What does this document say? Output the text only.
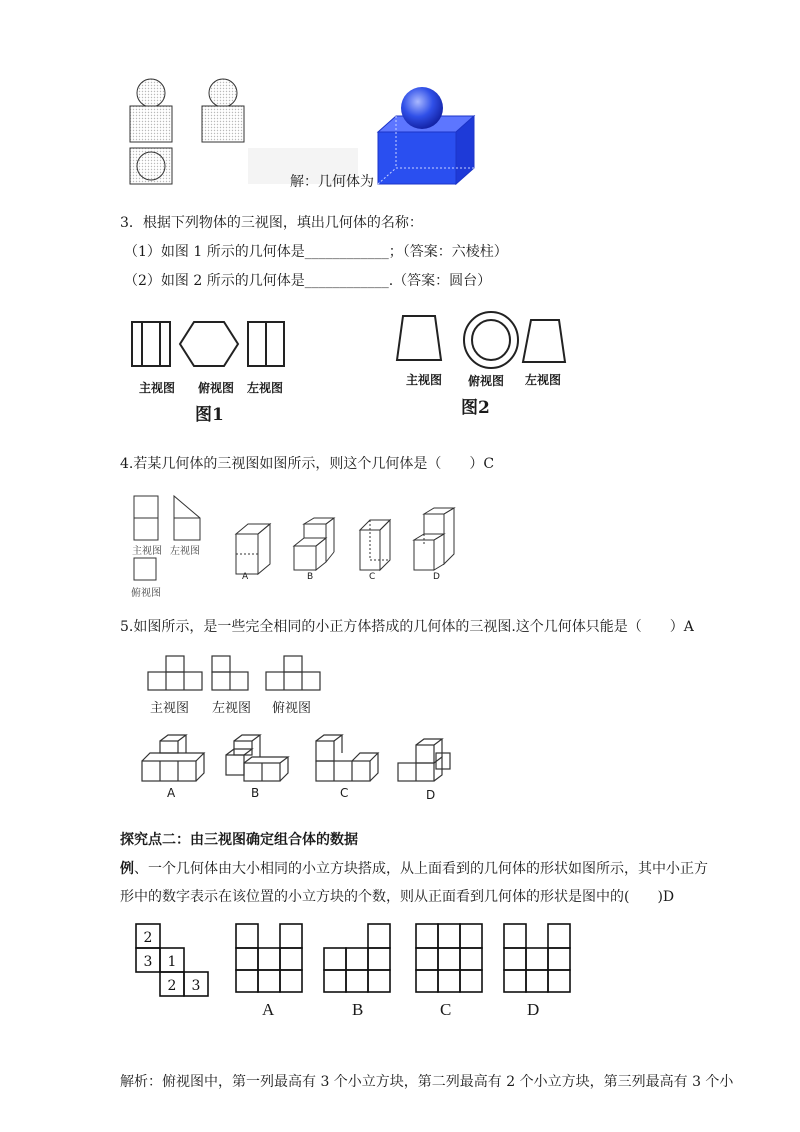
解：几何体为
3．根据下列物体的三视图，填出几何体的名称：
（1）如图 1 所示的几何体是____________；（答案：六棱柱）
（2）如图 2 所示的几何体是____________.（答案：圆台）
主视图 俯视图 左视图
图1
主视图 俯视图 左视图
图2
4.若某几何体的三视图如图所示，则这个几何体是（　　）C
主视图 左视图
俯视图
A	B	C	D
5.如图所示，是一些完全相同的小正方体搭成的几何体的三视图.这个几何体只能是（　　）A
主视图 左视图 俯视图
A	B	C	D
探究点二：由三视图确定组合体的数据
例、一个几何体由大小相同的小立方块搭成，从上面看到的几何体的形状如图所示，其中小正方
形中的数字表示在该位置的小立方块的个数，则从正面看到几何体的形状是图中的(　　)D
2
3 1
2 3
A	B	C	D
解析：俯视图中，第一列最高有 3 个小立方块，第二列最高有 2 个小立方块，第三列最高有 3 个小
